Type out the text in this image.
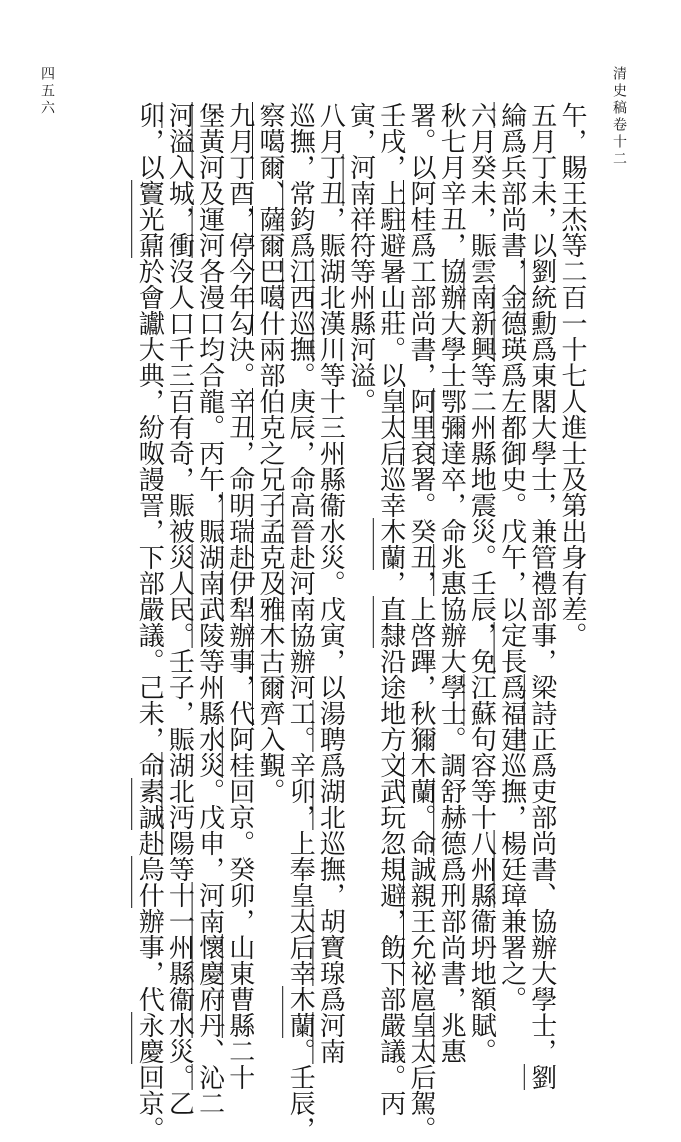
清史稿卷十二
四五六
午，賜王杰等二百一十七人進士及第出身有差。
五月丁未，以劉統勳爲東閣大學士，兼管禮部事，梁詩正爲吏部尚書、協辦大學士，劉
綸爲兵部尚書，金德瑛爲左都御史。戊午，以定長爲福建巡撫，楊廷璋兼署之。
六月癸未，賑雲南新興等二州縣地震災。壬辰，免江蘇句容等十八州縣衞坍地額賦。
秋七月辛丑，協辦大學士鄂彌達卒，命兆惠協辦大學士。調舒赫德爲刑部尚書，兆惠
署。以阿桂爲工部尚書，阿里袞署。癸丑，上啓蹕，秋獮木蘭。命誠親王允祕扈皇太后駕。
壬戌，上駐避暑山莊。以皇太后巡幸木蘭，直隸沿途地方文武玩忽規避，飭下部嚴議。丙
寅，河南祥符等州縣河溢。
八月丁丑，賑湖北漢川等十三州縣衞水災。戊寅，以湯聘爲湖北巡撫，胡寶瑔爲河南
巡撫，常鈞爲江西巡撫。庚辰，命高晉赴河南協辦河工。辛卯，上奉皇太后幸木蘭。壬辰，
察噶爾、薩爾巴噶什兩部伯克之兄子孟克及雅木古爾齊入覲。
九月丁酉，停今年勾決。辛丑，命明瑞赴伊犁辦事，代阿桂回京。癸卯，山東曹縣二十
堡黃河及運河各漫口均合龍。丙午，賑湖南武陵等州縣水災。戊申，河南懷慶府丹、沁二
河溢入城，衝沒人口千三百有奇，賑被災人民。壬子，賑湖北沔陽等十一州縣衞水災。乙
卯，以竇光鼐於會讞大典，紛呶謾詈，下部嚴議。己未，命素誠赴烏什辦事，代永慶回京。
